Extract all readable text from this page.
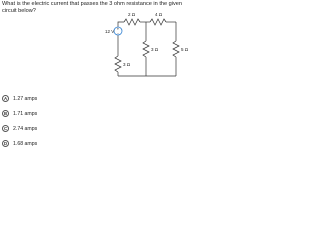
What is the electric current that passes the 3 ohm resistance in the given circuit below?

+
-
12 V
2 Ω	4 Ω
3 Ω
3 Ω	5 Ω
A	1.27 amps
B	1.71 amps
C	2.74 amps
D	1.68 amps
